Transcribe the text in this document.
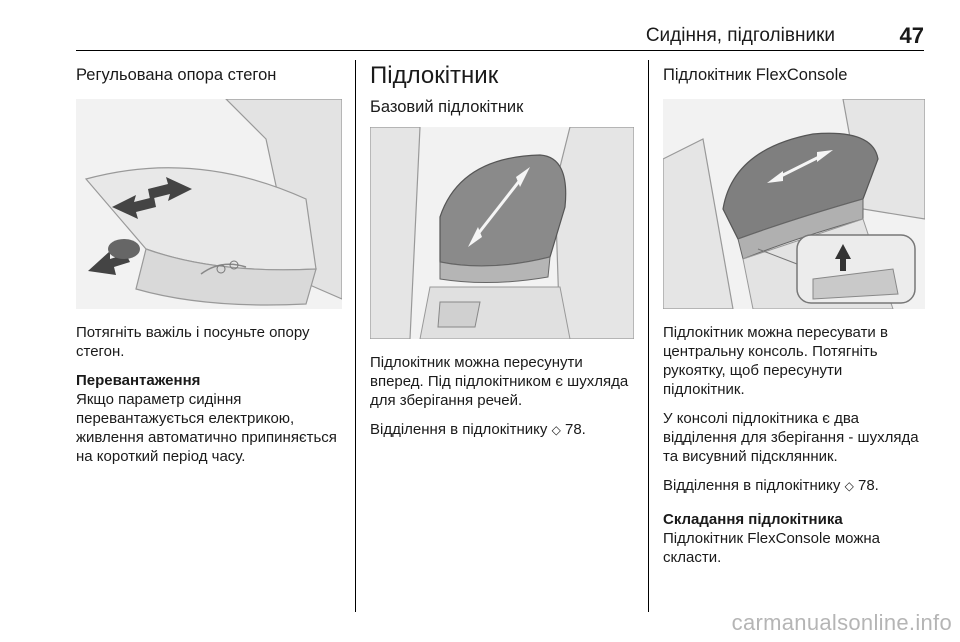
Сидіння, підголівники	47
Регульована опора стегон

Потягніть важіль і посуньте опору стегон.

Перевантаження

Якщо параметр сидіння перевантажується електрикою, живлення автоматично припиняється на короткий період часу.

Підлокітник
Базовий підлокітник

Підлокітник можна пересунути вперед. Під підлокітником є шухляда для зберігання речей.

Відділення в підлокітнику ◇ 78.

Підлокітник FlexConsole

Підлокітник можна пересувати в центральну консоль. Потягніть рукоятку, щоб пересунути підлокітник.

У консолі підлокітника є два відділення для зберігання - шухляда та висувний підсклянник.

Відділення в підлокітнику ◇ 78.

Складання підлокітника

Підлокітник FlexConsole можна скласти.

carmanualsonline.info
